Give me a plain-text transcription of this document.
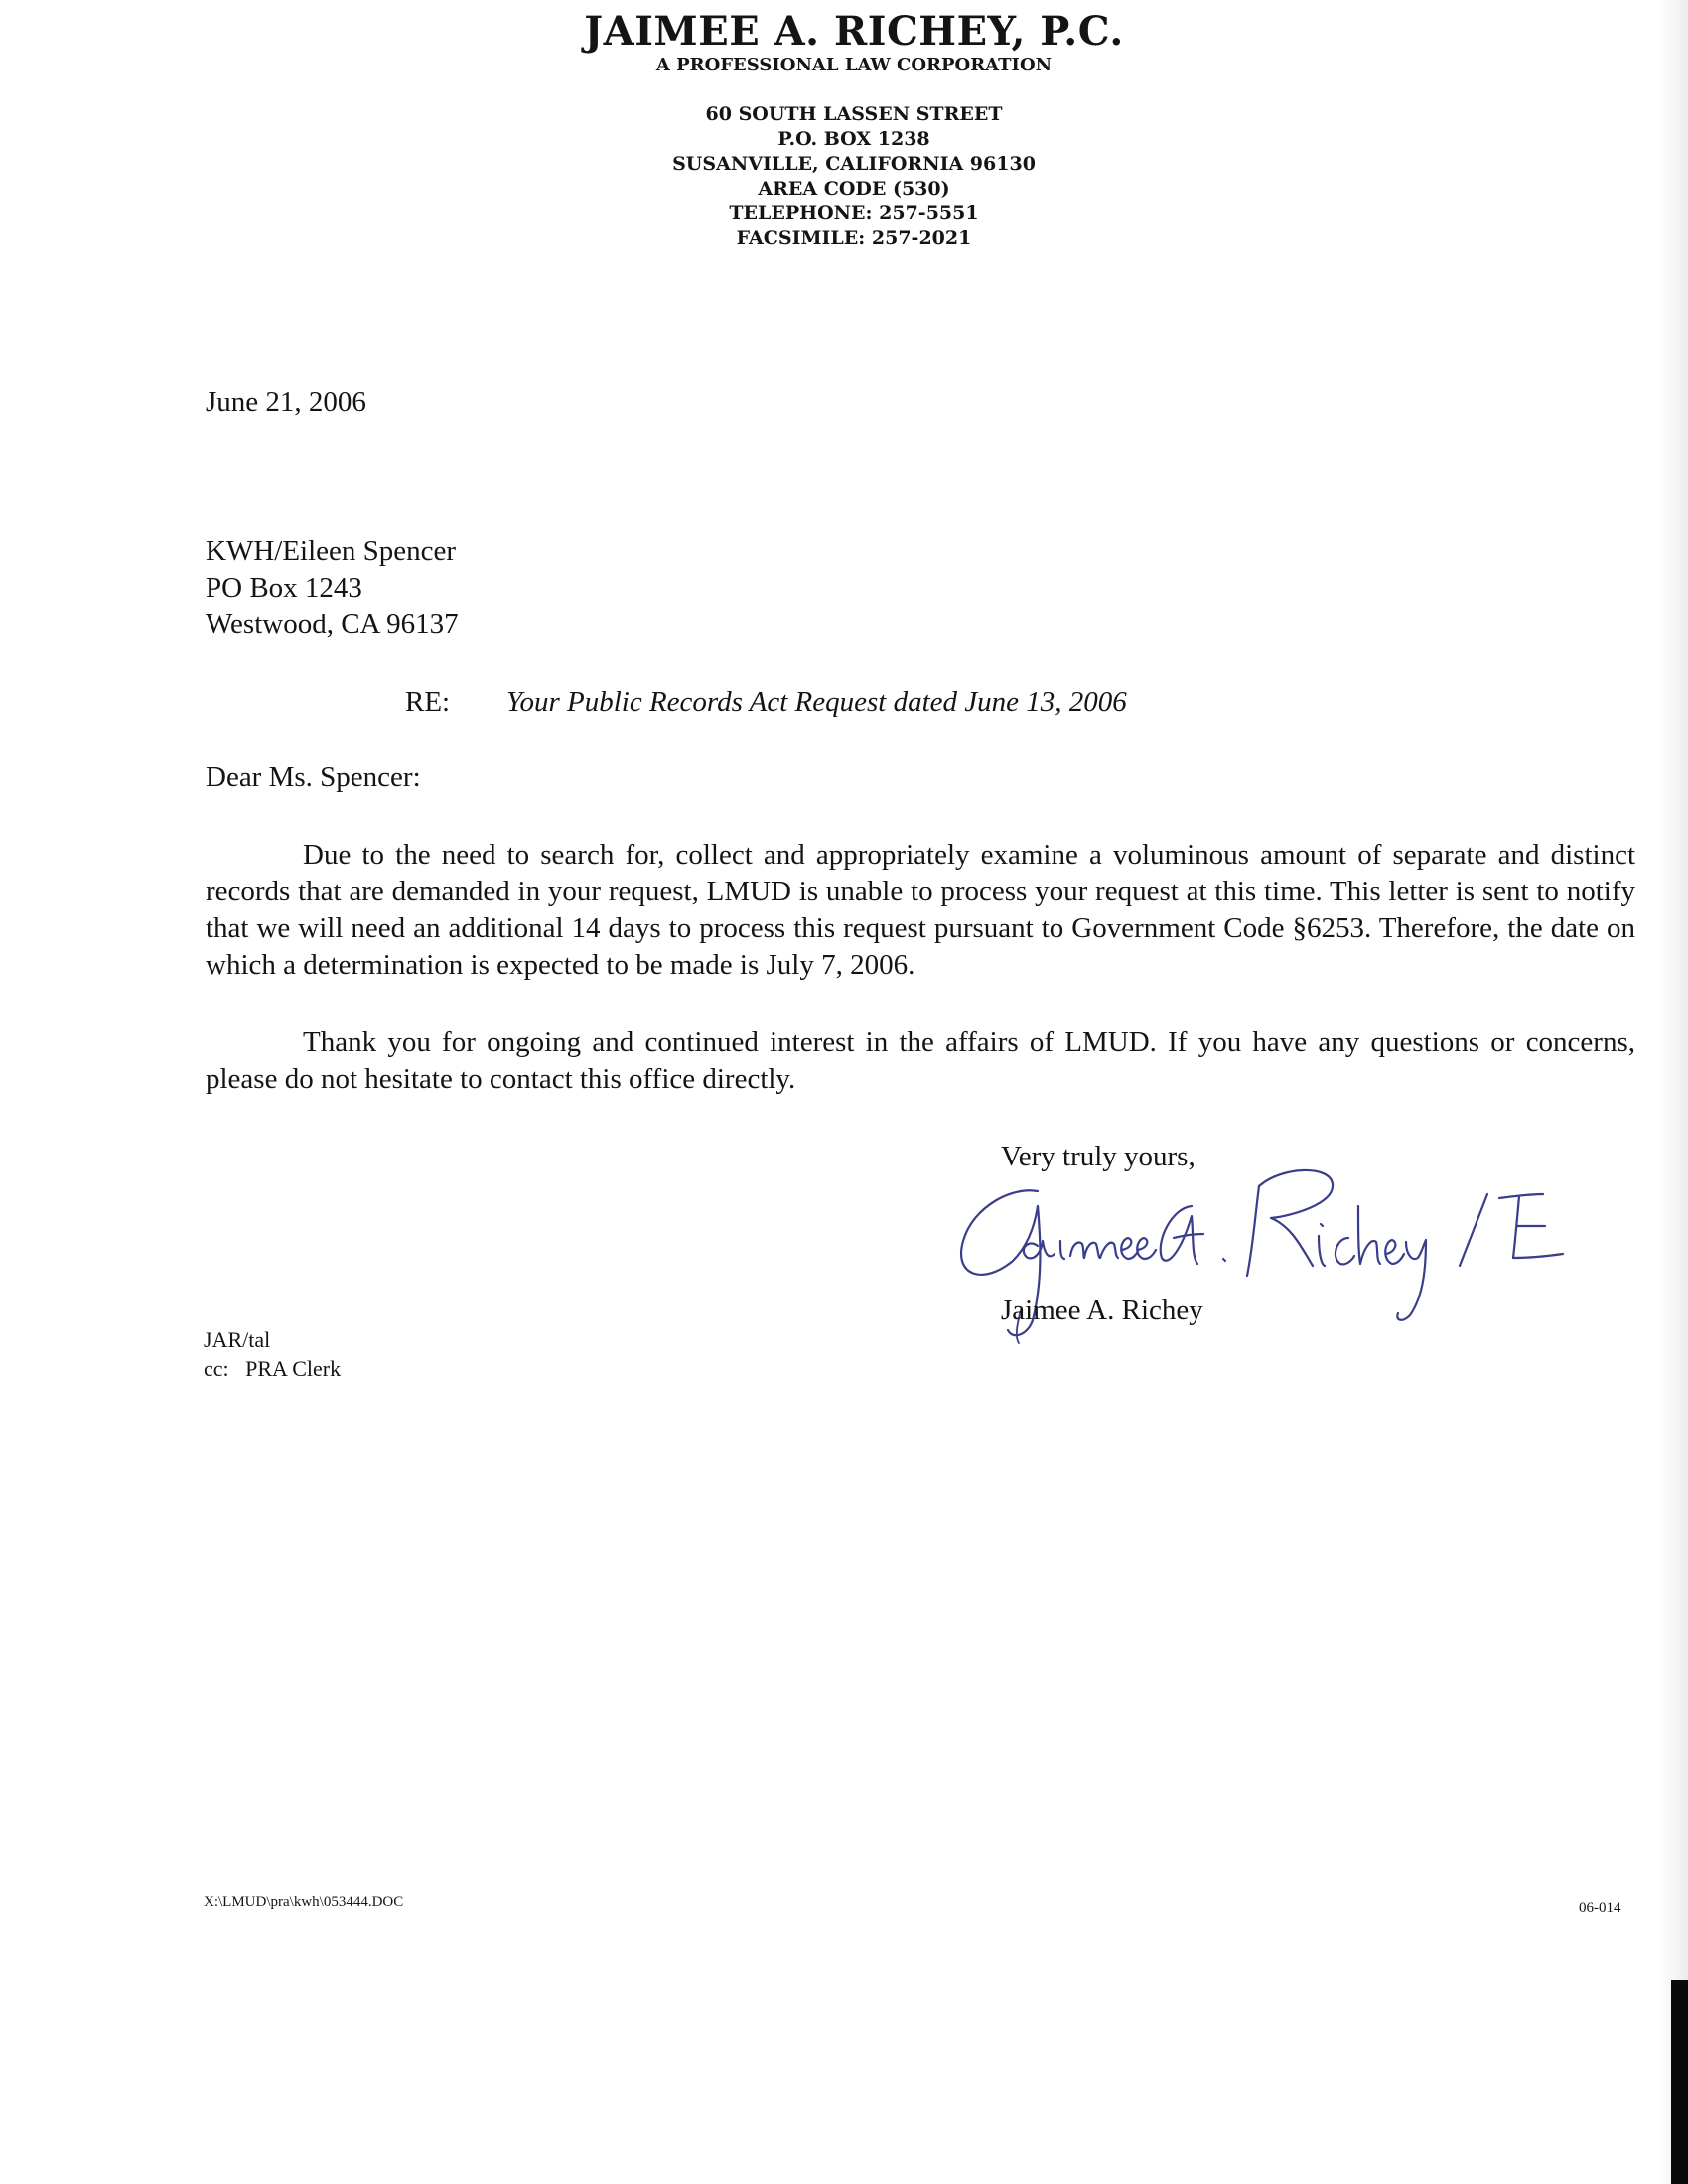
JAIMEE A. RICHEY, P.C.
A PROFESSIONAL LAW CORPORATION
60 SOUTH LASSEN STREET
P.O. BOX 1238
SUSANVILLE, CALIFORNIA 96130
AREA CODE (530)
TELEPHONE: 257-5551
FACSIMILE: 257-2021
June 21, 2006
KWH/Eileen Spencer
PO Box 1243
Westwood, CA 96137
RE: Your Public Records Act Request dated June 13, 2006
Dear Ms. Spencer:
Due to the need to search for, collect and appropriately examine a voluminous amount of separate and distinct records that are demanded in your request, LMUD is unable to process your request at this time. This letter is sent to notify that we will need an additional 14 days to process this request pursuant to Government Code §6253. Therefore, the date on which a determination is expected to be made is July 7, 2006.
Thank you for ongoing and continued interest in the affairs of LMUD. If you have any questions or concerns, please do not hesitate to contact this office directly.
Very truly yours,
Jaimee A. Richey
JAR/tal
cc:   PRA Clerk
X:\LMUD\pra\kwh\053444.DOC	06-014
